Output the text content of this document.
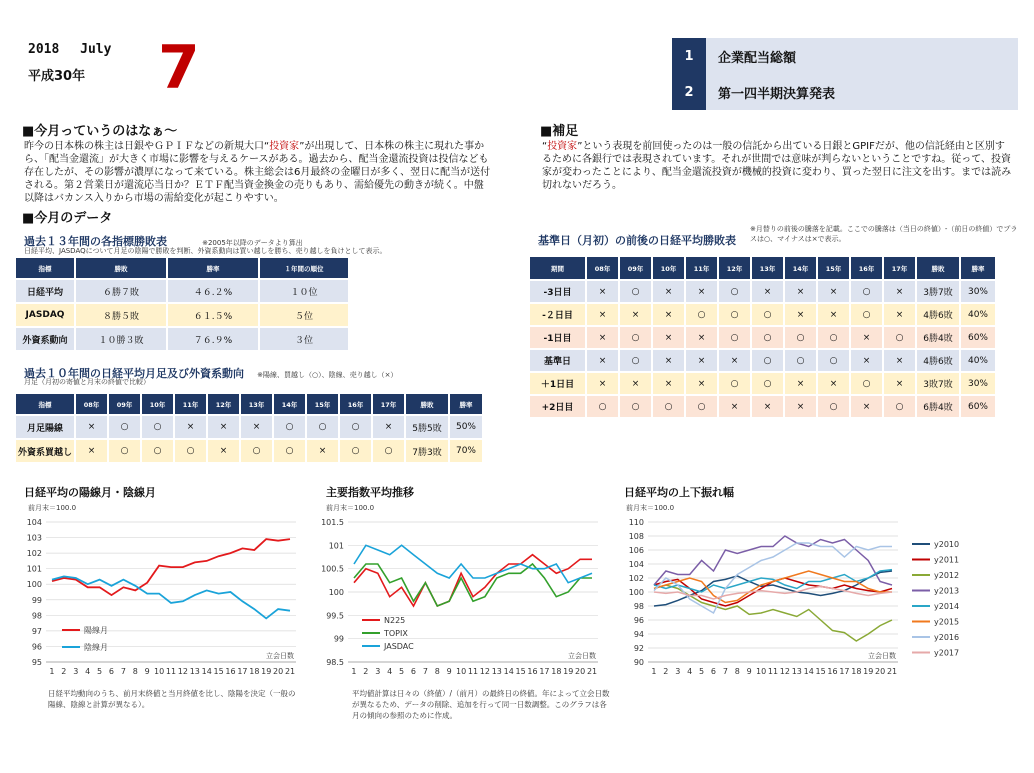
2018　 July
平成30年 7	1	企業配当総額
2	第一四半期決算発表
■今月っていうのはなぁ～
昨今の日本株の株主は日銀やＧＰＩＦなどの新規大口“投資家”が出現して、日本株の株主に現れた事から、「配当金還流」が大きく市場に影響を与えるケースがある。過去から、配当金還流投資は投信なども存在したが、その影響が濃厚になって来ている。株主総会は6月最終の金曜日が多く、翌日に配当が送付される。第２営業日が還流応当日か？ＥＴＦ配当資金換金の売りもあり、需給優先の動きが続く。中盤以降はバカンス入りから市場の需給変化が起こりやすい。
■補足
“投資家”という表現を前回使ったのは一般の信託から出ている日銀とGPIFだが、他の信託経由と区別するために各銀行では表現されています。それが世間では意味が判らないということですね。従って、投資家が変わったことにより、配当金還流投資が機械的投資に変わり、買った翌日に注文を出す。までは読み切れないだろう。
■今月のデータ
過去１３年間の各指標勝敗表	※2005年以降のデータより算出
日経平均、JASDAQについて月足の陰陽で勝敗を判断、外資系動向は買い越しを勝ち、売り越しを負けとして表示。
指標	勝敗	勝率	１年間の順位
日経平均	６勝７敗	４６.２%	１０位
JASDAQ	８勝５敗	６１.５%	５位
外資系動向	１０勝３敗	７６.９%	３位
過去１０年間の日経平均月足及び外資系動向 ※陽線、買越し（○）、陰線、売り越し（×）
月足（月初の寄値と月末の終値で比較）
指標	08年	09年	10年	11年	12年	13年	14年	15年	16年	17年	勝敗	勝率
月足陽線	×	○	○	×	×	×	○	○	○	×	5勝5敗	50%
外資系買越し	×	○	○	○	×	○	○	×	○	○	7勝3敗	70%
基準日（月初）の前後の日経平均勝敗表
※月替りの前後の騰落を記載。ここでの騰落は（当日の終値）-（前日の終値）でプラスは○、マイナスは×で表示。
期間	08年	09年	10年	11年	12年	13年	14年	15年	16年	17年	勝敗	勝率
-3日目	×	○	×	×	○	×	×	×	○	×	3勝7敗	30%
-２日目	×	×	×	○	○	○	×	×	○	×	4勝6敗	40%
-1日目	×	○	×	×	○	○	○	○	×	○	6勝4敗	60%
基準日	×	○	×	×	×	○	○	○	×	×	4勝6敗	40%
＋1日目	×	×	×	×	○	○	×	×	○	×	3敗7敗	30%
+2日目	○	○	○	○	×	×	×	○	×	○	6勝4敗	60%
日経平均の陽線月・陰線月	主要指数平均推移	日経平均の上下振れ幅
前月末＝100.0
95
96
97
98
99
100
101
102
103
104
1 2 3 4 5 6 7 8 9 10 11 12 13 14 15 16 17 18 19 20 21
立会日数
陽線月
陰線月
前月末＝100.0
98.5
99
99.5
100
100.5
101
101.5
1 2 3 4 5 6 7 8 9 10 11 12 13 14 15 16 17 18 19 20 21
立会日数
N225
TOPIX
JASDAC
前月末＝100.0
90
92
94
96
98
100
102
104
106
108
110
1 2 3 4 5 6 7 8 9 10 11 12 13 14 15 16 17 18 19 20 21
立会日数
y2010
y2011
y2012
y2013
y2014
y2015
y2016
y2017
日経平均動向のうち、前月末終値と当月終値を比し、陰陽を決定（一般の陽線、陰線と計算が異なる）。
平均値計算は日々の（終値）/（前月）の最終日の終値。年によって立会日数が異なるため、データの削除、追加を行って同一日数調整。このグラフは各月の傾向の参照のために作成。
